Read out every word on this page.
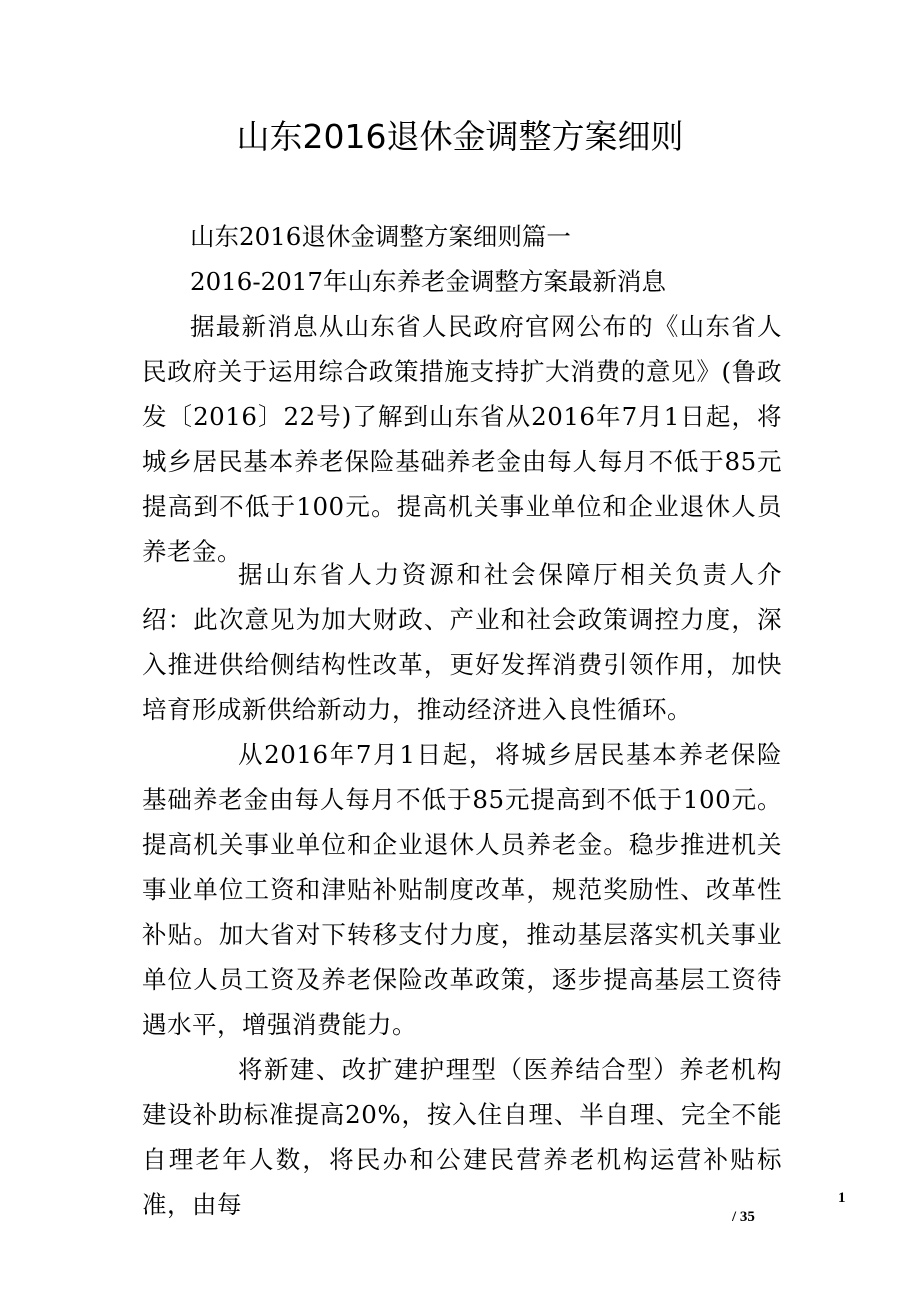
山东2016退休金调整方案细则

山东2016退休金调整方案细则篇一

2016-2017年山东养老金调整方案最新消息

据最新消息从山东省人民政府官网公布的《山东省人民政府关于运用综合政策措施支持扩大消费的意见》(鲁政发〔2016〕22号)了解到山东省从2016年7月1日起，将城乡居民基本养老保险基础养老金由每人每月不低于85元提高到不低于100元。提高机关事业单位和企业退休人员养老金。

据山东省人力资源和社会保障厅相关负责人介绍：此次意见为加大财政、产业和社会政策调控力度，深入推进供给侧结构性改革，更好发挥消费引领作用，加快培育形成新供给新动力，推动经济进入良性循环。

从2016年7月1日起，将城乡居民基本养老保险基础养老金由每人每月不低于85元提高到不低于100元。提高机关事业单位和企业退休人员养老金。稳步推进机关事业单位工资和津贴补贴制度改革，规范奖励性、改革性补贴。加大省对下转移支付力度，推动基层落实机关事业单位人员工资及养老保险改革政策，逐步提高基层工资待遇水平，增强消费能力。

将新建、改扩建护理型（医养结合型）养老机构建设补助标准提高20%，按入住自理、半自理、完全不能自理老年人数，将民办和公建民营养老机构运营补贴标准，由每	1
/ 35
